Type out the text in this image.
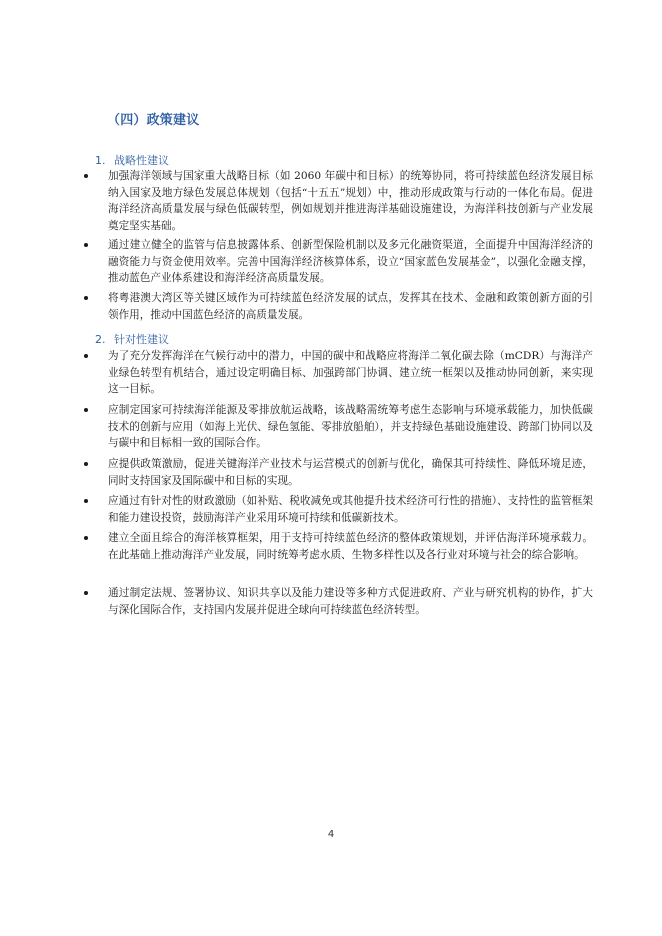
（四）政策建议
1. 战略性建议

加强海洋领域与国家重大战略目标（如 2060 年碳中和目标）的统筹协同，将可持续蓝色经济发展目标纳入国家及地方绿色发展总体规划（包括“十五五”规划）中，推动形成政策与行动的一体化布局。促进海洋经济高质量发展与绿色低碳转型，例如规划并推进海洋基础设施建设，为海洋科技创新与产业发展奠定坚实基础。

通过建立健全的监管与信息披露体系、创新型保险机制以及多元化融资渠道，全面提升中国海洋经济的融资能力与资金使用效率。完善中国海洋经济核算体系，设立“国家蓝色发展基金”，以强化金融支撑，推动蓝色产业体系建设和海洋经济高质量发展。

将粤港澳大湾区等关键区域作为可持续蓝色经济发展的试点，发挥其在技术、金融和政策创新方面的引领作用，推动中国蓝色经济的高质量发展。

2. 针对性建议

为了充分发挥海洋在气候行动中的潜力，中国的碳中和战略应将海洋二氧化碳去除（mCDR）与海洋产业绿色转型有机结合，通过设定明确目标、加强跨部门协调、建立统一框架以及推动协同创新，来实现这一目标。

应制定国家可持续海洋能源及零排放航运战略，该战略需统筹考虑生态影响与环境承载能力，加快低碳技术的创新与应用（如海上光伏、绿色氢能、零排放船舶），并支持绿色基础设施建设、跨部门协同以及与碳中和目标相一致的国际合作。

应提供政策激励，促进关键海洋产业技术与运营模式的创新与优化，确保其可持续性、降低环境足迹，同时支持国家及国际碳中和目标的实现。

应通过有针对性的财政激励（如补贴、税收减免或其他提升技术经济可行性的措施）、支持性的监管框架和能力建设投资，鼓励海洋产业采用环境可持续和低碳新技术。

建立全面且综合的海洋核算框架，用于支持可持续蓝色经济的整体政策规划，并评估海洋环境承载力。在此基础上推动海洋产业发展，同时统筹考虑水质、生物多样性以及各行业对环境与社会的综合影响。

通过制定法规、签署协议、知识共享以及能力建设等多种方式促进政府、产业与研究机构的协作，扩大与深化国际合作，支持国内发展并促进全球向可持续蓝色经济转型。

4
